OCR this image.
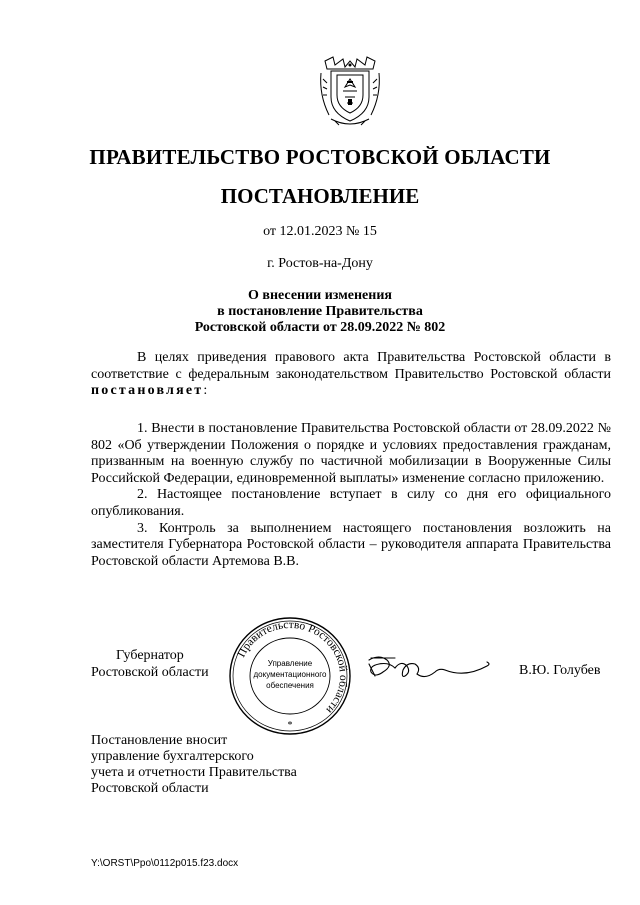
ПРАВИТЕЛЬСТВО РОСТОВСКОЙ ОБЛАСТИ
ПОСТАНОВЛЕНИЕ
от 12.01.2023 № 15
г. Ростов-на-Дону
О внесении изменения
в постановление Правительства
Ростовской области от 28.09.2022 № 802

В целях приведения правового акта Правительства Ростовской области в соответствие с федеральным законодательством Правительство Ростовской области постановляет:

1. Внести в постановление Правительства Ростовской области от 28.09.2022 № 802 «Об утверждении Положения о порядке и условиях предоставления гражданам, призванным на военную службу по частичной мобилизации в Вооруженные Силы Российской Федерации, единовременной выплаты» изменение согласно приложению.

2. Настоящее постановление вступает в силу со дня его официального опубликования.

3. Контроль за выполнением настоящего постановления возложить на заместителя Губернатора Ростовской области – руководителя аппарата Правительства Ростовской области Артемова В.В.

Губернатор
Ростовской области
Правительство Ростовской области
Управление
документационного
обеспечения
*
В.Ю. Голубев
Постановление вносит
управление бухгалтерского
учета и отчетности Правительства
Ростовской области
Y:\ORST\Ppo\0112p015.f23.docx
